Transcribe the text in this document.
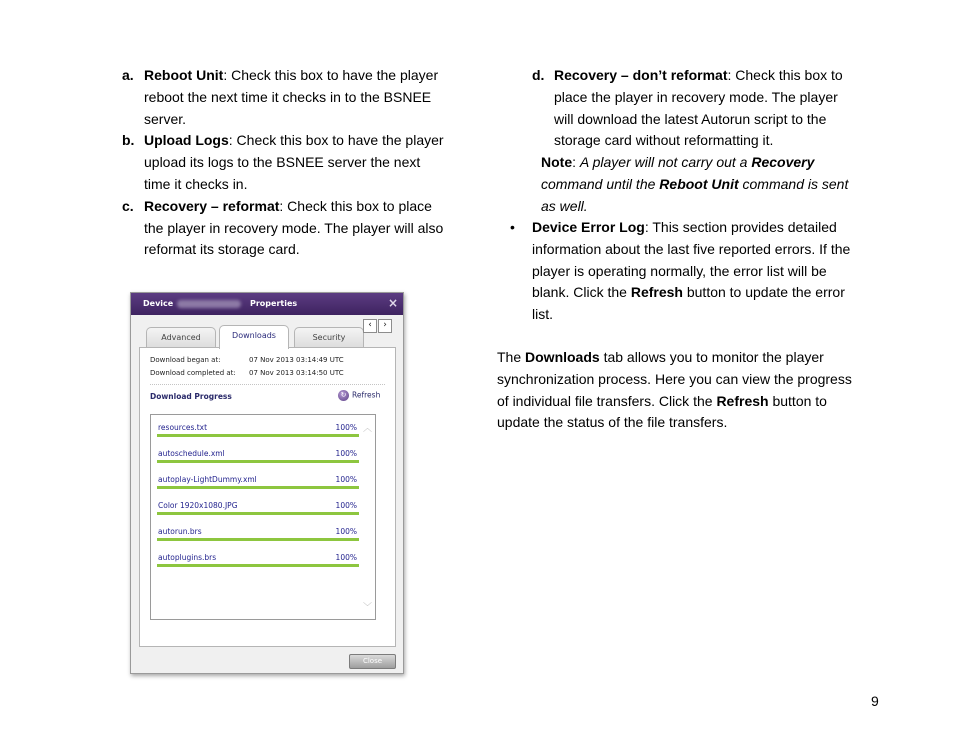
a. Reboot Unit: Check this box to have the player

reboot the next time it checks in to the BSNEE

server.

b. Upload Logs: Check this box to have the player

upload its logs to the BSNEE server the next

time it checks in.

c. Recovery – reformat: Check this box to place

the player in recovery mode. The player will also

reformat its storage card.

d. Recovery – don’t reformat: Check this box to

place the player in recovery mode. The player

will download the latest Autorun script to the

storage card without reformatting it.

Note: A player will not carry out a Recovery

command until the Reboot Unit command is sent

as well.

• Device Error Log: This section provides detailed

information about the last five reported errors. If the

player is operating normally, the error list will be

blank. Click the Refresh button to update the error

list.

The Downloads tab allows you to monitor the player

synchronization process. Here you can view the progress

of individual file transfers. Click the Refresh button to

update the status of the file transfers.

Device	Properties	×
Advanced	Downloads	Security
‹	›
Download began at:	07 Nov 2013 03:14:49 UTC
Download completed at: 07 Nov 2013 03:14:50 UTC
Download Progress	↻ Refresh
resources.txt	100%
autoschedule.xml	100%
autoplay-LightDummy.xml	100%
Color 1920x1080.JPG	100%
autorun.brs	100%
autoplugins.brs	100%
︿
﹀
Close
9
